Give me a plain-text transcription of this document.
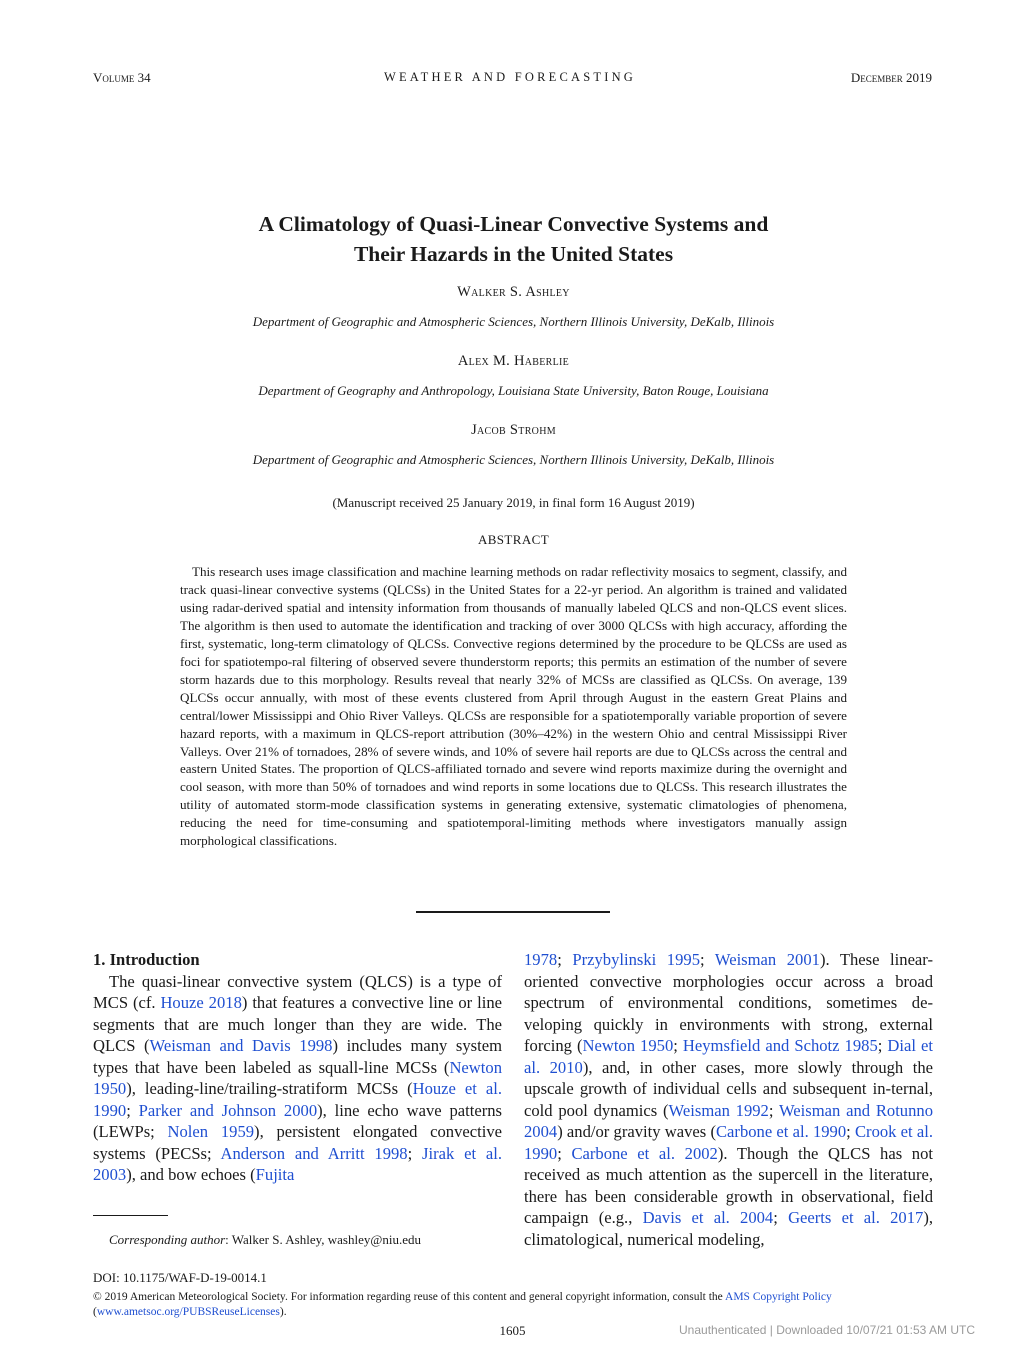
Volume 34	WEATHER AND FORECASTING	December 2019
A Climatology of Quasi-Linear Convective Systems and
Their Hazards in the United States
Walker S. Ashley
Department of Geographic and Atmospheric Sciences, Northern Illinois University, DeKalb, Illinois
Alex M. Haberlie
Department of Geography and Anthropology, Louisiana State University, Baton Rouge, Louisiana
Jacob Strohm
Department of Geographic and Atmospheric Sciences, Northern Illinois University, DeKalb, Illinois
(Manuscript received 25 January 2019, in final form 16 August 2019)
ABSTRACT

This research uses image classification and machine learning methods on radar reflectivity mosaics to segment, classify, and track quasi-linear convective systems (QLCSs) in the United States for a 22-yr period. An algorithm is trained and validated using radar-derived spatial and intensity information from thousands of manually labeled QLCS and non-QLCS event slices. The algorithm is then used to automate the identification and tracking of over 3000 QLCSs with high accuracy, affording the first, systematic, long-term climatology of QLCSs. Convective regions determined by the procedure to be QLCSs are used as foci for spatiotempo-ral filtering of observed severe thunderstorm reports; this permits an estimation of the number of severe storm hazards due to this morphology. Results reveal that nearly 32% of MCSs are classified as QLCSs. On average, 139 QLCSs occur annually, with most of these events clustered from April through August in the eastern Great Plains and central/lower Mississippi and Ohio River Valleys. QLCSs are responsible for a spatiotemporally variable proportion of severe hazard reports, with a maximum in QLCS-report attribution (30%–42%) in the western Ohio and central Mississippi River Valleys. Over 21% of tornadoes, 28% of severe winds, and 10% of severe hail reports are due to QLCSs across the central and eastern United States. The proportion of QLCS-affiliated tornado and severe wind reports maximize during the overnight and cool season, with more than 50% of tornadoes and wind reports in some locations due to QLCSs. This research illustrates the utility of automated storm-mode classification systems in generating extensive, systematic climatologies of phenomena, reducing the need for time-consuming and spatiotemporal-limiting methods where investigators manually assign morphological classifications.

1. Introduction

The quasi-linear convective system (QLCS) is a type of MCS (cf. Houze 2018) that features a convective line or line segments that are much longer than they are wide. The QLCS (Weisman and Davis 1998) includes many system types that have been labeled as squall-line MCSs (Newton 1950), leading-line/trailing-stratiform MCSs (Houze et al. 1990; Parker and Johnson 2000), line echo wave patterns (LEWPs; Nolen 1959), persistent elongated convective systems (PECSs; Anderson and Arritt 1998; Jirak et al. 2003), and bow echoes (Fujita

1978; Przybylinski 1995; Weisman 2001). These linear-oriented convective morphologies occur across a broad spectrum of environmental conditions, sometimes de-veloping quickly in environments with strong, external forcing (Newton 1950; Heymsfield and Schotz 1985; Dial et al. 2010), and, in other cases, more slowly through the upscale growth of individual cells and subsequent in-ternal, cold pool dynamics (Weisman 1992; Weisman and Rotunno 2004) and/or gravity waves (Carbone et al. 1990; Crook et al. 1990; Carbone et al. 2002). Though the QLCS has not received as much attention as the supercell in the literature, there has been considerable growth in observational, field campaign (e.g., Davis et al. 2004; Geerts et al. 2017), climatological, numerical modeling,

Corresponding author: Walker S. Ashley, washley@niu.edu
DOI: 10.1175/WAF-D-19-0014.1
© 2019 American Meteorological Society. For information regarding reuse of this content and general copyright information, consult the AMS Copyright Policy (www.ametsoc.org/PUBSReuseLicenses).
1605	Unauthenticated | Downloaded 10/07/21 01:53 AM UTC
